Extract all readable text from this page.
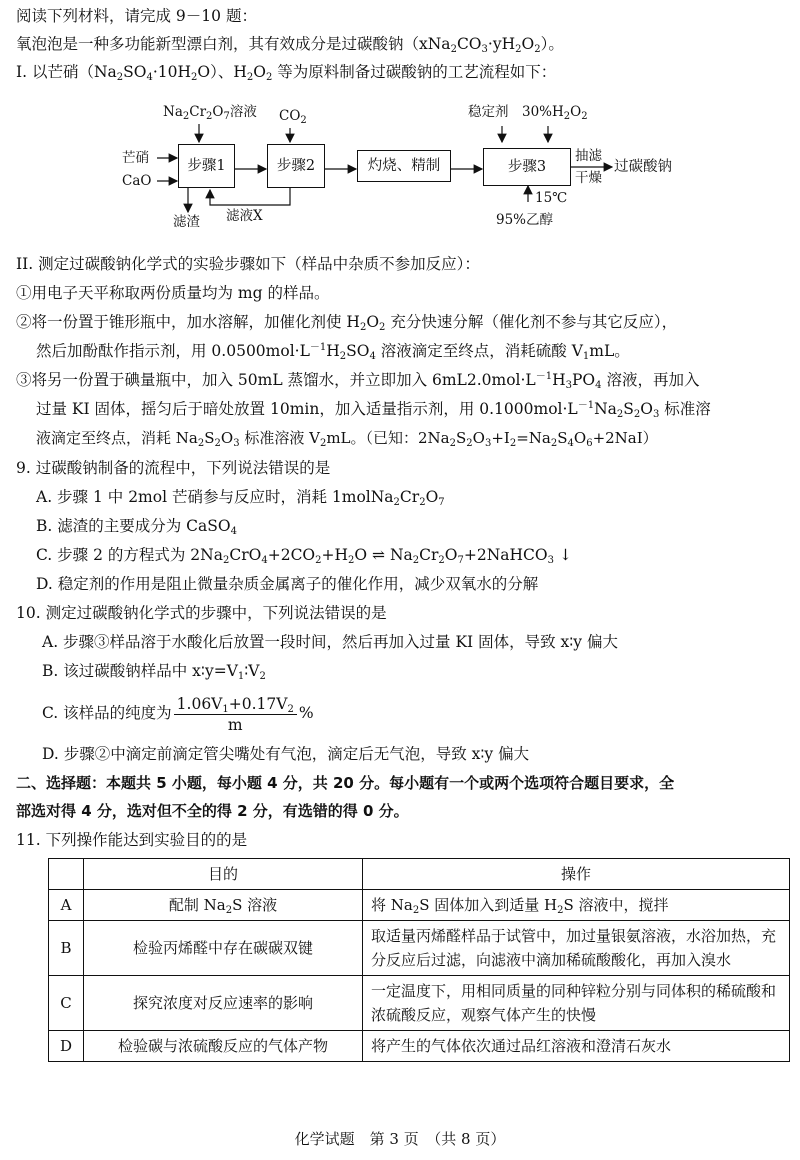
阅读下列材料，请完成 9－10 题：
氧泡泡是一种多功能新型漂白剂，其有效成分是过碳酸钠$(xNa_2CO_3\cdot yH_2O_2)$。
I. 以芒硝$(Na_2SO_4\cdot 10H_2O)$、$H_2O_2$ 等为原料制备过碳酸钠的工艺流程如下：
$Na_2Cr_2O_7$溶液 $CO_2$
稳定剂 $30\%H_2O_2$
芒硝
CaO
步骤1	步骤2	灼烧、精制	步骤3
滤渣 滤液X
15℃
95%乙醇
抽滤
干燥
过碳酸钠
II. 测定过碳酸钠化学式的实验步骤如下（样品中杂质不参加反应）：
①用电子天平称取两份质量均为 mg 的样品。
②将一份置于锥形瓶中，加水溶解，加催化剂使 $H_2O_2$ 充分快速分解（催化剂不参与其它反应），
然后加酚酞作指示剂，用 $0.0500mol\cdot L^{-1}H_2SO_4$ 溶液滴定至终点，消耗硫酸 $V_1mL$。
③将另一份置于碘量瓶中，加入 50mL 蒸馏水，并立即加入 $6mL2.0mol\cdot L^{-1}H_3PO_4$ 溶液，再加入
过量 KI 固体，摇匀后于暗处放置 10min，加入适量指示剂，用 $0.1000mol\cdot L^{-1}Na_2S_2O_3$ 标准溶
液滴定至终点，消耗 $Na_2S_2O_3$ 标准溶液 $V_2mL$。（已知：$2Na_2S_2O_3+I_2=Na_2S_4O_6+2NaI$）
9. 过碳酸钠制备的流程中，下列说法错误的是
A. 步骤 1 中 2mol 芒硝参与反应时，消耗 $1molNa_2Cr_2O_7$
B. 滤渣的主要成分为 CaSO$_4$
C. 步骤 2 的方程式为 $2Na_2CrO_4+2CO_2+H_2O$ ⇌ $Na_2Cr_2O_7+2NaHCO_3$ ↓
D. 稳定剂的作用是阻止微量杂质金属离子的催化作用，减少双氧水的分解
10. 测定过碳酸钠化学式的步骤中，下列说法错误的是
A. 步骤③样品溶于水酸化后放置一段时间，然后再加入过量 KI 固体，导致 x∶y 偏大
B. 该过碳酸钠样品中 $x∶y=V_1∶V_2$
C. 该样品的纯度为 $\frac{1.06V_1+0.17V_2}{m}$ %
D. 步骤②中滴定前滴定管尖嘴处有气泡，滴定后无气泡，导致 x∶y 偏大
二、选择题：本题共 5 小题，每小题 4 分，共 20 分。每小题有一个或两个选项符合题目要求，全
部选对得 4 分，选对但不全的得 2 分，有选错的得 0 分。
11. 下列操作能达到实验目的的是
	目的	操作
A	配制 $Na_2S$ 溶液	将 $Na_2S$ 固体加入到适量 $H_2S$ 溶液中，搅拌
B	检验丙烯醛中存在碳碳双键	取适量丙烯醛样品于试管中，加过量银氨溶液，水浴加热，充分反应后过滤，向滤液中滴加稀硫酸酸化，再加入溴水
C	探究浓度对反应速率的影响	一定温度下，用相同质量的同种锌粒分别与同体积的稀硫酸和浓硫酸反应，观察气体产生的快慢
D	检验碳与浓硫酸反应的气体产物	将产生的气体依次通过品红溶液和澄清石灰水
化学试题　第 3 页　（共 8 页）
